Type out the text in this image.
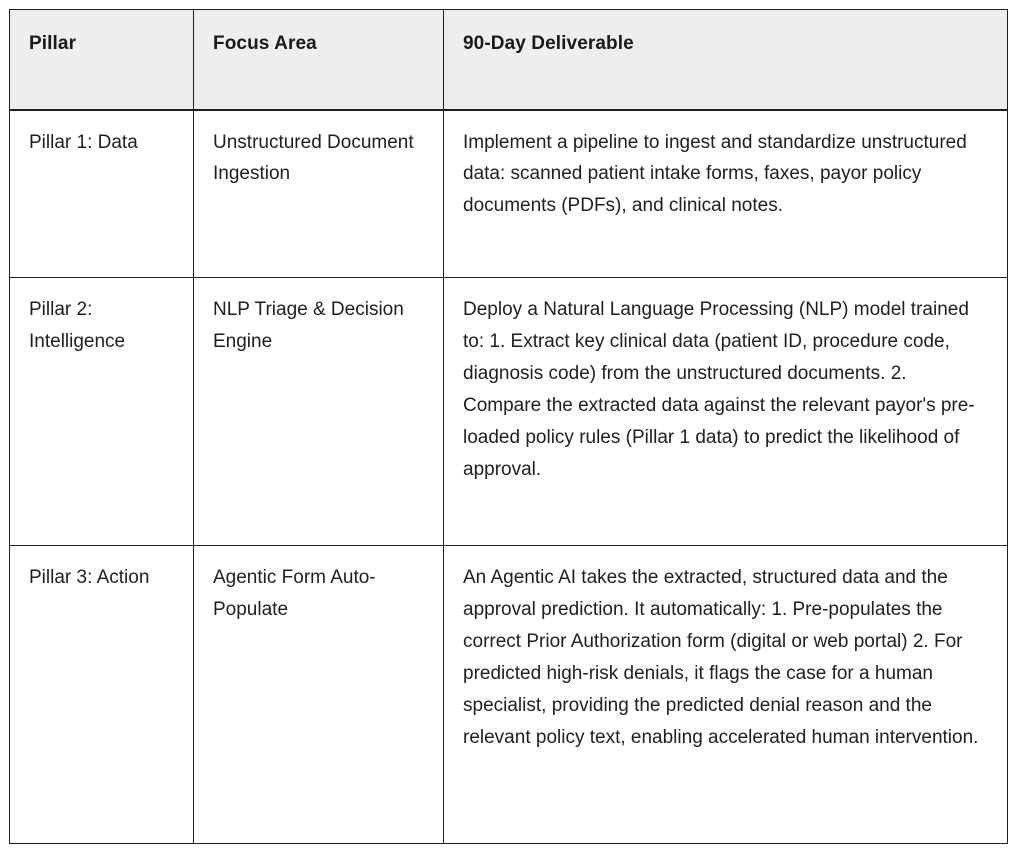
Pillar	Focus Area	90-Day Deliverable
Pillar 1: Data	Unstructured Document Ingestion	Implement a pipeline to ingest and standardize unstructured data: scanned patient intake forms, faxes, payor policy documents (PDFs), and clinical notes.
Pillar 2: Intelligence	NLP Triage & Decision Engine	Deploy a Natural Language Processing (NLP) model trained to: 1. Extract key clinical data (patient ID, procedure code, diagnosis code) from the unstructured documents. 2. Compare the extracted data against the relevant payor's pre-loaded policy rules (Pillar 1 data) to predict the likelihood of approval.
Pillar 3: Action	Agentic Form Auto-Populate	An Agentic AI takes the extracted, structured data and the approval prediction. It automatically: 1. Pre-populates the correct Prior Authorization form (digital or web portal) 2. For predicted high-risk denials, it flags the case for a human specialist, providing the predicted denial reason and the relevant policy text, enabling accelerated human intervention.
